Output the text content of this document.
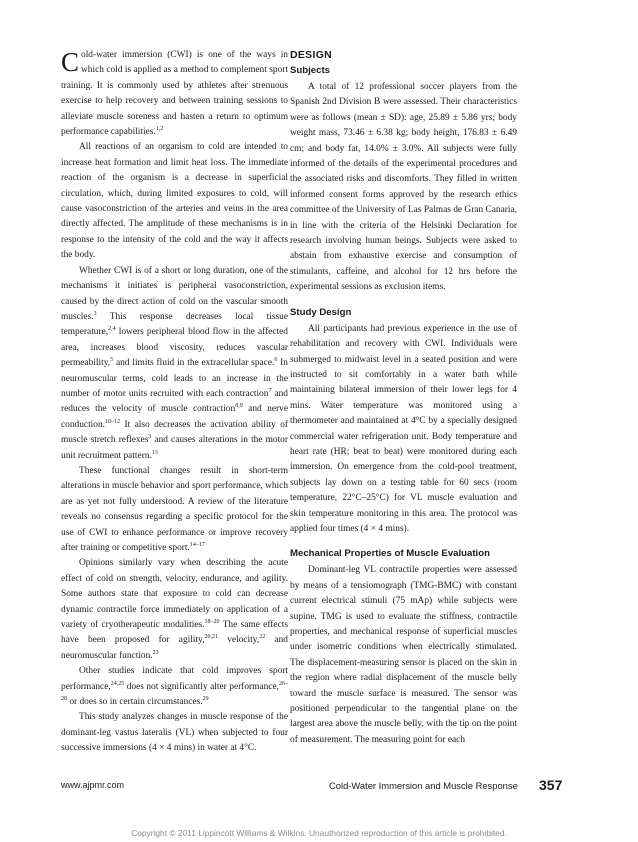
Cold-water immersion (CWI) is one of the ways in which cold is applied as a method to complement sport training. It is commonly used by athletes after strenuous exercise to help recovery and between training sessions to alleviate muscle soreness and hasten a return to optimum performance capabilities.$^{1,2}$

All reactions of an organism to cold are intended to increase heat formation and limit heat loss. The immediate reaction of the organism is a decrease in superficial circulation, which, during limited exposures to cold, will cause vasoconstriction of the arteries and veins in the area directly affected. The amplitude of these mechanisms is in response to the intensity of the cold and the way it affects the body.

Whether CWI is of a short or long duration, one of the mechanisms it initiates is peripheral vasoconstriction, caused by the direct action of cold on the vascular smooth muscles.$^3$ This response decreases local tissue temperature,$^{2,4}$ lowers peripheral blood flow in the affected area, increases blood viscosity, reduces vascular permeability,$^5$ and limits fluid in the extracellular space.$^6$ In neuromuscular terms, cold leads to an increase in the number of motor units recruited with each contraction$^7$ and reduces the velocity of muscle contraction$^{8,9}$ and nerve conduction.$^{10-12}$ It also decreases the activation ability of muscle stretch reflexes$^3$ and causes alterations in the motor unit recruitment pattern.$^{13}$

These functional changes result in short-term alterations in muscle behavior and sport performance, which are as yet not fully understood. A review of the literature reveals no consensus regarding a specific protocol for the use of CWI to enhance performance or improve recovery after training or competitive sport.$^{14-17}$

Opinions similarly vary when describing the acute effect of cold on strength, velocity, endurance, and agility. Some authors state that exposure to cold can decrease dynamic contractile force immediately on application of a variety of cryotherapeutic modalities.$^{18-20}$ The same effects have been proposed for agility,$^{20,21}$ velocity,$^{22}$ and neuromuscular function.$^{23}$

Other studies indicate that cold improves sport performance,$^{24,25}$ does not significantly alter performance,$^{26-28}$ or does so in certain circumstances.$^{29}$

This study analyzes changes in muscle response of the dominant-leg vastus lateralis (VL) when subjected to four successive immersions (4 × 4 mins) in water at 4°C.

DESIGN
Subjects

A total of 12 professional soccer players from the Spanish 2nd Division B were assessed. Their characteristics were as follows (mean ± SD): age, 25.89 ± 5.86 yrs; body weight mass, 73.46 ± 6.38 kg; body height, 176.83 ± 6.49 cm; and body fat, 14.0% ± 3.0%. All subjects were fully informed of the details of the experimental procedures and the associated risks and discomforts. They filled in written informed consent forms approved by the research ethics committee of the University of Las Palmas de Gran Canaria, in line with the criteria of the Helsinki Declaration for research involving human beings. Subjects were asked to abstain from exhaustive exercise and consumption of stimulants, caffeine, and alcohol for 12 hrs before the experimental sessions as exclusion items.

Study Design

All participants had previous experience in the use of rehabilitation and recovery with CWI. Individuals were submerged to midwaist level in a seated position and were instructed to sit comfortably in a water bath while maintaining bilateral immersion of their lower legs for 4 mins. Water temperature was monitored using a thermometer and maintained at 4°C by a specially designed commercial water refrigeration unit. Body temperature and heart rate (HR; beat to beat) were monitored during each immersion. On emergence from the cold-pool treatment, subjects lay down on a testing table for 60 secs (room temperature, 22°C–25°C) for VL muscle evaluation and skin temperature monitoring in this area. The protocol was applied four times (4 × 4 mins).

Mechanical Properties of Muscle Evaluation

Dominant-leg VL contractile properties were assessed by means of a tensiomograph (TMG-BMC) with constant current electrical stimuli (75 mAp) while subjects were supine. TMG is used to evaluate the stiffness, contractile properties, and mechanical response of superficial muscles under isometric conditions when electrically stimulated. The displacement-measuring sensor is placed on the skin in the region where radial displacement of the muscle belly toward the muscle surface is measured. The sensor was positioned perpendicular to the tangential plane on the largest area above the muscle belly, with the tip on the point of measurement. The measuring point for each

www.ajpmr.com	Cold-Water Immersion and Muscle Response 357
Copyright © 2011 Lippincott Williams & Wilkins. Unauthorized reproduction of this article is prohibited.
